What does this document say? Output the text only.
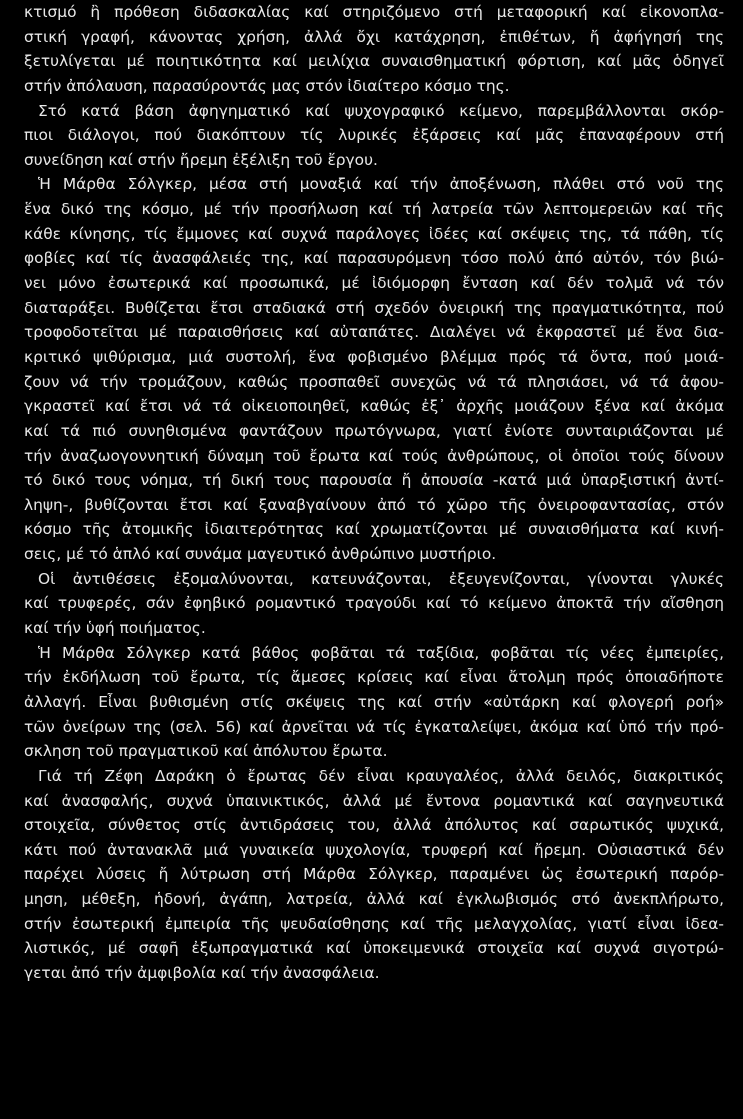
κτισμό ἢ πρόθεση διδασκαλίας καί στηριζόμενο στή μεταφορική καί εἰκονοπλα-
στική γραφή, κάνοντας χρήση, ἀλλά ὄχι κατάχρηση, ἐπιθέτων, ἤ ἀφήγησή της
ξετυλίγεται μέ ποιητικότητα καί μειλίχια συναισθηματική φόρτιση, καί μᾶς ὁδηγεῖ
στήν ἀπόλαυση, παρασύροντάς μας στόν ἰδιαίτερο κόσμο της.
Στό κατά βάση ἀφηγηματικό καί ψυχογραφικό κείμενο, παρεμβάλλονται σκόρ-
πιοι διάλογοι, πού διακόπτουν τίς λυρικές ἐξάρσεις καί μᾶς ἐπαναφέρουν στή
συνείδηση καί στήν ἤρεμη ἐξέλιξη τοῦ ἔργου.
Ἡ Μάρθα Σόλγκερ, μέσα στή μοναξιά καί τήν ἀποξένωση, πλάθει στό νοῦ της
ἕνα δικό της κόσμο, μέ τήν προσήλωση καί τή λατρεία τῶν λεπτομερειῶν καί τῆς
κάθε κίνησης, τίς ἔμμονες καί συχνά παράλογες ἰδέες καί σκέψεις της, τά πάθη, τίς
φοβίες καί τίς ἀνασφάλειές της, καί παρασυρόμενη τόσο πολύ ἀπό αὐτόν, τόν βιώ-
νει μόνο ἐσωτερικά καί προσωπικά, μέ ἰδιόμορφη ἔνταση καί δέν τολμᾶ νά τόν
διαταράξει. Βυθίζεται ἔτσι σταδιακά στή σχεδόν ὀνειρική της πραγματικότητα, πού
τροφοδοτεῖται μέ παραισθήσεις καί αὐταπάτες. Διαλέγει νά ἐκφραστεῖ μέ ἕνα δια-
κριτικό ψιθύρισμα, μιά συστολή, ἕνα φοβισμένο βλέμμα πρός τά ὄντα, πού μοιά-
ζουν νά τήν τρομάζουν, καθώς προσπαθεῖ συνεχῶς νά τά πλησιάσει, νά τά ἀφου-
γκραστεῖ καί ἔτσι νά τά οἰκειοποιηθεῖ, καθώς ἐξ᾿ ἀρχῆς μοιάζουν ξένα καί ἀκόμα
καί τά πιό συνηθισμένα φαντάζουν πρωτόγνωρα, γιατί ἐνίοτε συνταιριάζονται μέ
τήν ἀναζωογοννητική δύναμη τοῦ ἔρωτα καί τούς ἀνθρώπους, οἱ ὁποῖοι τούς δίνουν
τό δικό τους νόημα, τή δική τους παρουσία ἤ ἀπουσία -κατά μιά ὑπαρξιστική ἀντί-
ληψη-, βυθίζονται ἔτσι καί ξαναβγαίνουν ἀπό τό χῶρο τῆς ὀνειροφαντασίας, στόν
κόσμο τῆς ἀτομικῆς ἰδιαιτερότητας καί χρωματίζονται μέ συναισθήματα καί κινή-
σεις, μέ τό ἁπλό καί συνάμα μαγευτικό ἀνθρώπινο μυστήριο.
Οἱ ἀντιθέσεις ἐξομαλύνονται, κατευνάζονται, ἐξευγενίζονται, γίνονται γλυκές
καί τρυφερές, σάν ἐφηβικό ρομαντικό τραγούδι καί τό κείμενο ἀποκτᾶ τήν αἴσθηση
καί τήν ὑφή ποιήματος.
Ἡ Μάρθα Σόλγκερ κατά βάθος φοβᾶται τά ταξίδια, φοβᾶται τίς νέες ἐμπειρίες,
τήν ἐκδήλωση τοῦ ἔρωτα, τίς ἄμεσες κρίσεις καί εἶναι ἄτολμη πρός ὁποιαδήποτε
ἀλλαγή. Εἶναι βυθισμένη στίς σκέψεις της καί στήν «αὐτάρκη καί φλογερή ροή»
τῶν ὀνείρων της (σελ. 56) καί ἀρνεῖται νά τίς ἐγκαταλείψει, ἀκόμα καί ὑπό τήν πρό-
σκληση τοῦ πραγματικοῦ καί ἀπόλυτου ἔρωτα.
Γιά τή Ζέφη Δαράκη ὁ ἔρωτας δέν εἶναι κραυγαλέος, ἀλλά δειλός, διακριτικός
καί ἀνασφαλής, συχνά ὑπαινικτικός, ἀλλά μέ ἔντονα ρομαντικά καί σαγηνευτικά
στοιχεῖα, σύνθετος στίς ἀντιδράσεις του, ἀλλά ἀπόλυτος καί σαρωτικός ψυχικά,
κάτι πού ἀντανακλᾶ μιά γυναικεία ψυχολογία, τρυφερή καί ἤρεμη. Οὐσιαστικά δέν
παρέχει λύσεις ἤ λύτρωση στή Μάρθα Σόλγκερ, παραμένει ὡς ἐσωτερική παρόρ-
μηση, μέθεξη, ἡδονή, ἀγάπη, λατρεία, ἀλλά καί ἐγκλωβισμός στό ἀνεκπλήρωτο,
στήν ἐσωτερική ἐμπειρία τῆς ψευδαίσθησης καί τῆς μελαγχολίας, γιατί εἶναι ἰδεα-
λιστικός, μέ σαφῆ ἐξωπραγματικά καί ὑποκειμενικά στοιχεῖα καί συχνά σιγοτρώ-
γεται ἀπό τήν ἀμφιβολία καί τήν ἀνασφάλεια.
